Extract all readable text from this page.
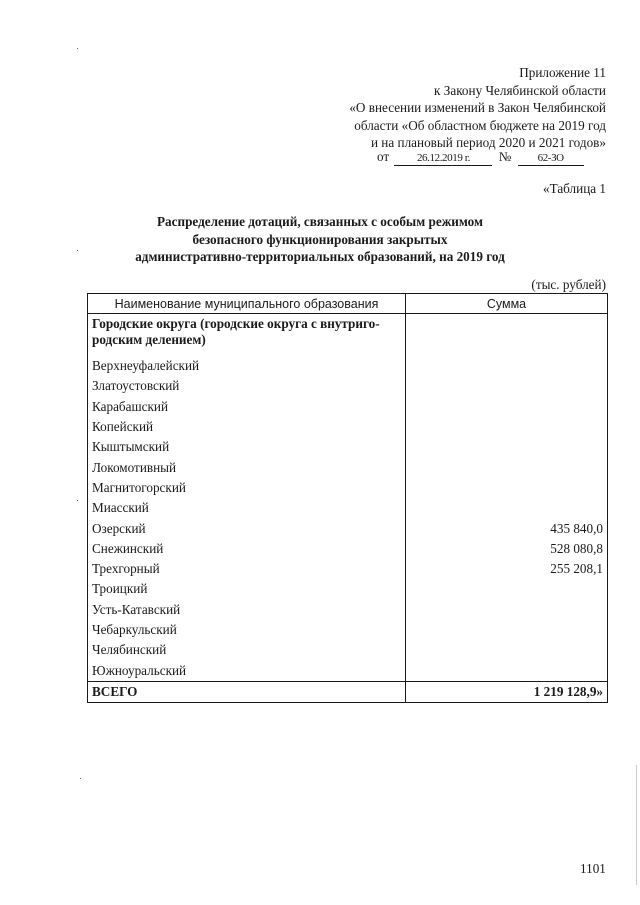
Приложение 11
к Закону Челябинской области
«О внесении изменений в Закон Челябинской
области «Об областном бюджете на 2019 год
и на плановый период 2020 и 2021 годов»
от	26.12.2019 г. № 62-ЗО
«Таблица 1
Распределение дотаций, связанных с особым режимом
безопасного функционирования закрытых
административно-территориальных образований, на 2019 год
(тыс. рублей)
Наименование муниципального образования	Сумма

Городские округа (городские округа с внутриго-
родским делением)	

Верхнеуфалейский	
Златоустовский	
Карабашский	
Копейский	
Кыштымский	
Локомотивный	
Магнитогорский	
Миасский	
Озерский	435 840,0
Снежинский	528 080,8
Трехгорный	255 208,1
Троицкий	
Усть-Катавский	
Чебаркульский	
Челябинский	
Южноуральский	
ВСЕГО	1 219 128,9»
1101
